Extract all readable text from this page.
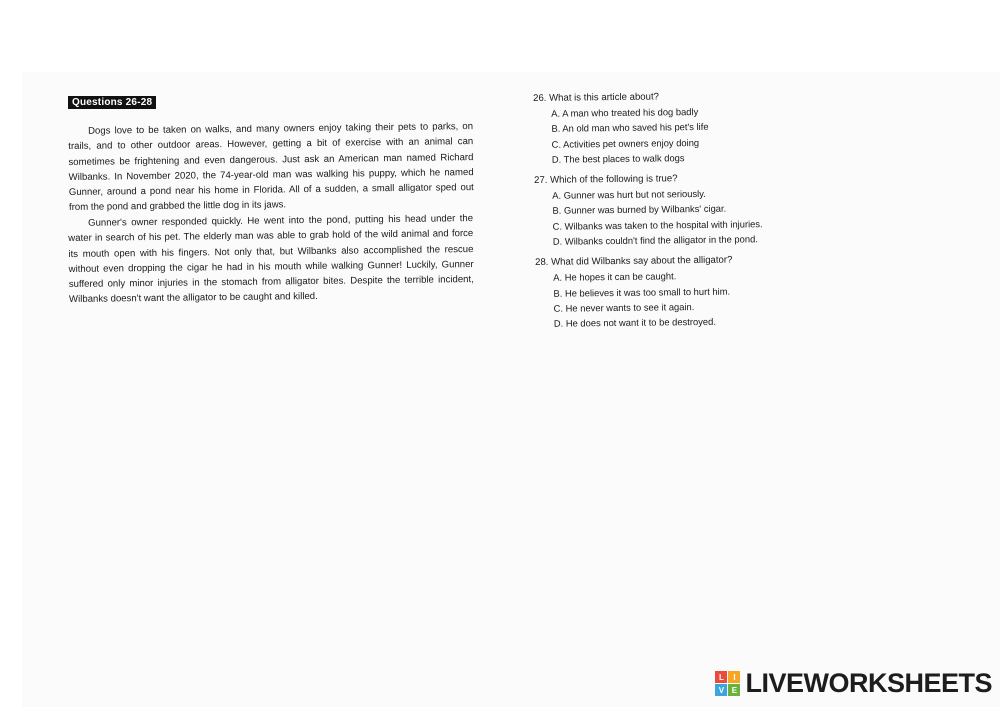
Questions 26-28

Dogs love to be taken on walks, and many owners enjoy taking their pets to parks, on trails, and to other outdoor areas. However, getting a bit of exercise with an animal can sometimes be frightening and even dangerous. Just ask an American man named Richard Wilbanks. In November 2020, the 74-year-old man was walking his puppy, which he named Gunner, around a pond near his home in Florida. All of a sudden, a small alligator sped out from the pond and grabbed the little dog in its jaws.

Gunner's owner responded quickly. He went into the pond, putting his head under the water in search of his pet. The elderly man was able to grab hold of the wild animal and force its mouth open with his fingers. Not only that, but Wilbanks also accomplished the rescue without even dropping the cigar he had in his mouth while walking Gunner! Luckily, Gunner suffered only minor injuries in the stomach from alligator bites. Despite the terrible incident, Wilbanks doesn't want the alligator to be caught and killed.

26. What is this article about?
A. A man who treated his dog badly
B. An old man who saved his pet's life
C. Activities pet owners enjoy doing
D. The best places to walk dogs
27. Which of the following is true?
A. Gunner was hurt but not seriously.
B. Gunner was burned by Wilbanks' cigar.
C. Wilbanks was taken to the hospital with injuries.
D. Wilbanks couldn't find the alligator in the pond.
28. What did Wilbanks say about the alligator?
A. He hopes it can be caught.
B. He believes it was too small to hurt him.
C. He never wants to see it again.
D. He does not want it to be destroyed.
L	I
V E LIVEWORKSHEETS
